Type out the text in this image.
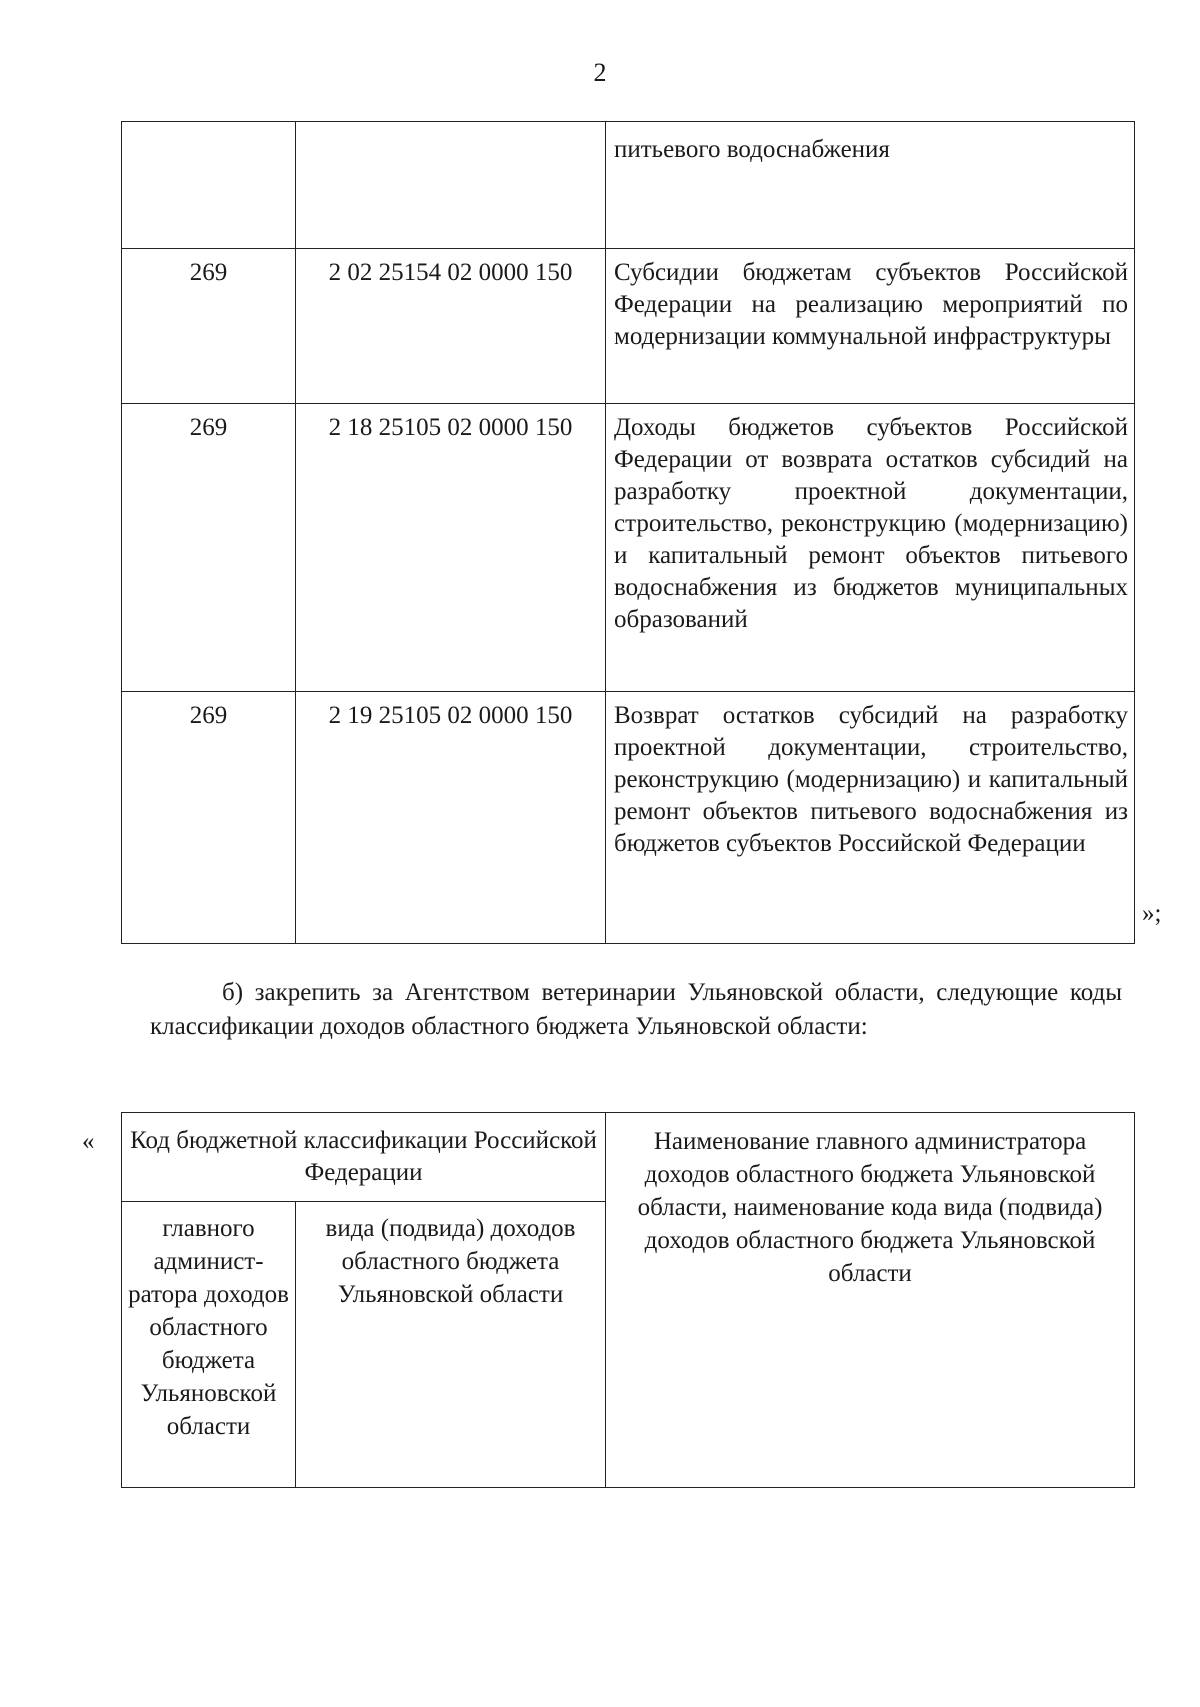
2
		питьевого водоснабжения
269	2 02 25154 02 0000 150	Субсидии бюджетам субъектов Российской Федерации на реализацию мероприятий по модернизации коммунальной инфраструктуры
269	2 18 25105 02 0000 150	Доходы бюджетов субъектов Российской Федерации от возврата остатков субсидий на разработку проектной документации, строительство, реконструкцию (модернизацию) и капитальный ремонт объектов питьевого водоснабжения из бюджетов муниципальных образований
269	2 19 25105 02 0000 150	Возврат остатков субсидий на разработку проектной документации, строительство, реконструкцию (модернизацию) и капитальный ремонт объектов питьевого водоснабжения из бюджетов субъектов Российской Федерации
»;

б) закрепить за Агентством ветеринарии Ульяновской области, следующие коды классификации доходов областного бюджета Ульяновской области:

« Код бюджетной классификации Российской Федерации		Наименование главного администратора доходов областного бюджета Ульяновской области, наименование кода вида (подвида) доходов областного бюджета Ульяновской области
главного админист-ратора доходов областного бюджета Ульяновской области	вида (подвида) доходов областного бюджета Ульяновской области	
